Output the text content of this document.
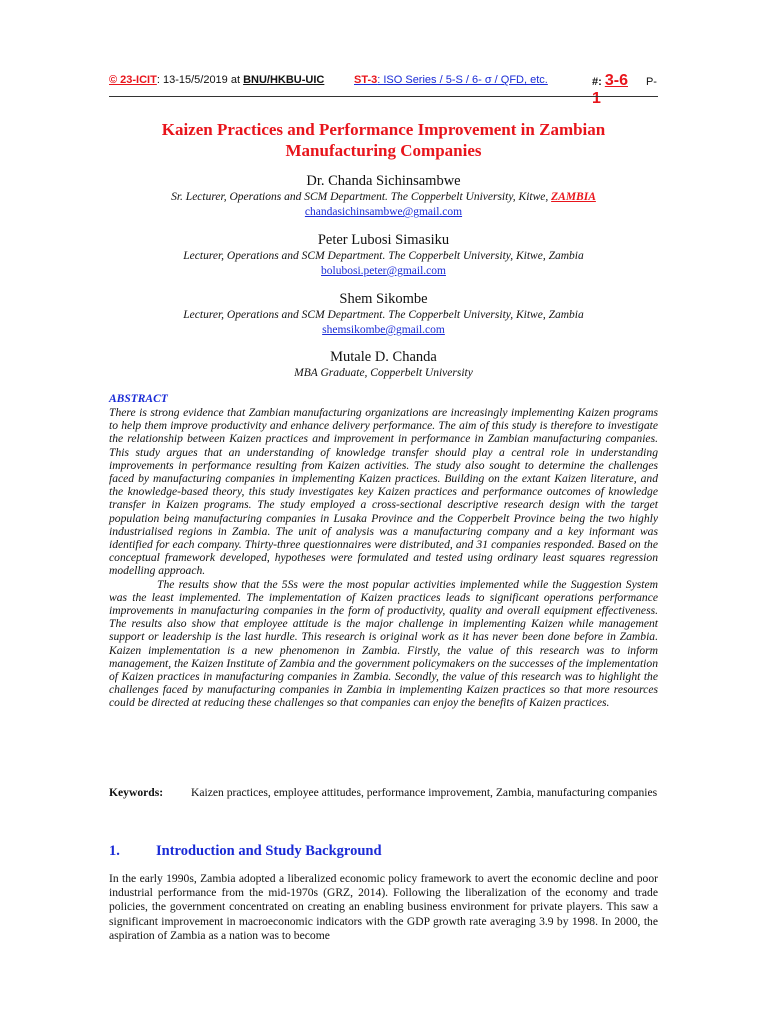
© 23-ICIT: 13-15/5/2019 at BNU/HKBU-UIC	ST-3: ISO Series / 5-S / 6- σ / QFD, etc.	#: 3-6 P- 1
Kaizen Practices and Performance Improvement in Zambian
Manufacturing Companies
Dr. Chanda Sichinsambwe
Sr. Lecturer, Operations and SCM Department. The Copperbelt University, Kitwe, ZAMBIA
chandasichinsambwe@gmail.com
Peter Lubosi Simasiku
Lecturer, Operations and SCM Department. The Copperbelt University, Kitwe, Zambia
bolubosi.peter@gmail.com
Shem Sikombe
Lecturer, Operations and SCM Department. The Copperbelt University, Kitwe, Zambia
shemsikombe@gmail.com
Mutale D. Chanda
MBA Graduate, Copperbelt University
ABSTRACT

There is strong evidence that Zambian manufacturing organizations are increasingly implementing Kaizen programs to help them improve productivity and enhance delivery performance. The aim of this study is therefore to investigate the relationship between Kaizen practices and improvement in performance in Zambian manufacturing companies. This study argues that an understanding of knowledge transfer should play a central role in understanding improvements in performance resulting from Kaizen activities. The study also sought to determine the challenges faced by manufacturing companies in implementing Kaizen practices. Building on the extant Kaizen literature, and the knowledge-based theory, this study investigates key Kaizen practices and performance outcomes of knowledge transfer in Kaizen programs. The study employed a cross-sectional descriptive research design with the target population being manufacturing companies in Lusaka Province and the Copperbelt Province being the two highly industrialised regions in Zambia. The unit of analysis was a manufacturing company and a key informant was identified for each company. Thirty-three questionnaires were distributed, and 31 companies responded. Based on the conceptual framework developed, hypotheses were formulated and tested using ordinary least squares regression modelling approach.

The results show that the 5Ss were the most popular activities implemented while the Suggestion System was the least implemented. The implementation of Kaizen practices leads to significant operations performance improvements in manufacturing companies in the form of productivity, quality and overall equipment effectiveness. The results also show that employee attitude is the major challenge in implementing Kaizen while management support or leadership is the last hurdle. This research is original work as it has never been done before in Zambia. Kaizen implementation is a new phenomenon in Zambia. Firstly, the value of this research was to inform management, the Kaizen Institute of Zambia and the government policymakers on the successes of the implementation of Kaizen practices in manufacturing companies in Zambia. Secondly, the value of this research was to highlight the challenges faced by manufacturing companies in Zambia in implementing Kaizen practices so that more resources could be directed at reducing these challenges so that companies can enjoy the benefits of Kaizen practices.

Keywords: Kaizen practices, employee attitudes, performance improvement, Zambia, manufacturing companies
1. Introduction and Study Background

In the early 1990s, Zambia adopted a liberalized economic policy framework to avert the economic decline and poor industrial performance from the mid-1970s (GRZ, 2014). Following the liberalization of the economy and trade policies, the government concentrated on creating an enabling business environment for private players. This saw a significant improvement in macroeconomic indicators with the GDP growth rate averaging 3.9 by 1998. In 2000, the aspiration of Zambia as a nation was to become
